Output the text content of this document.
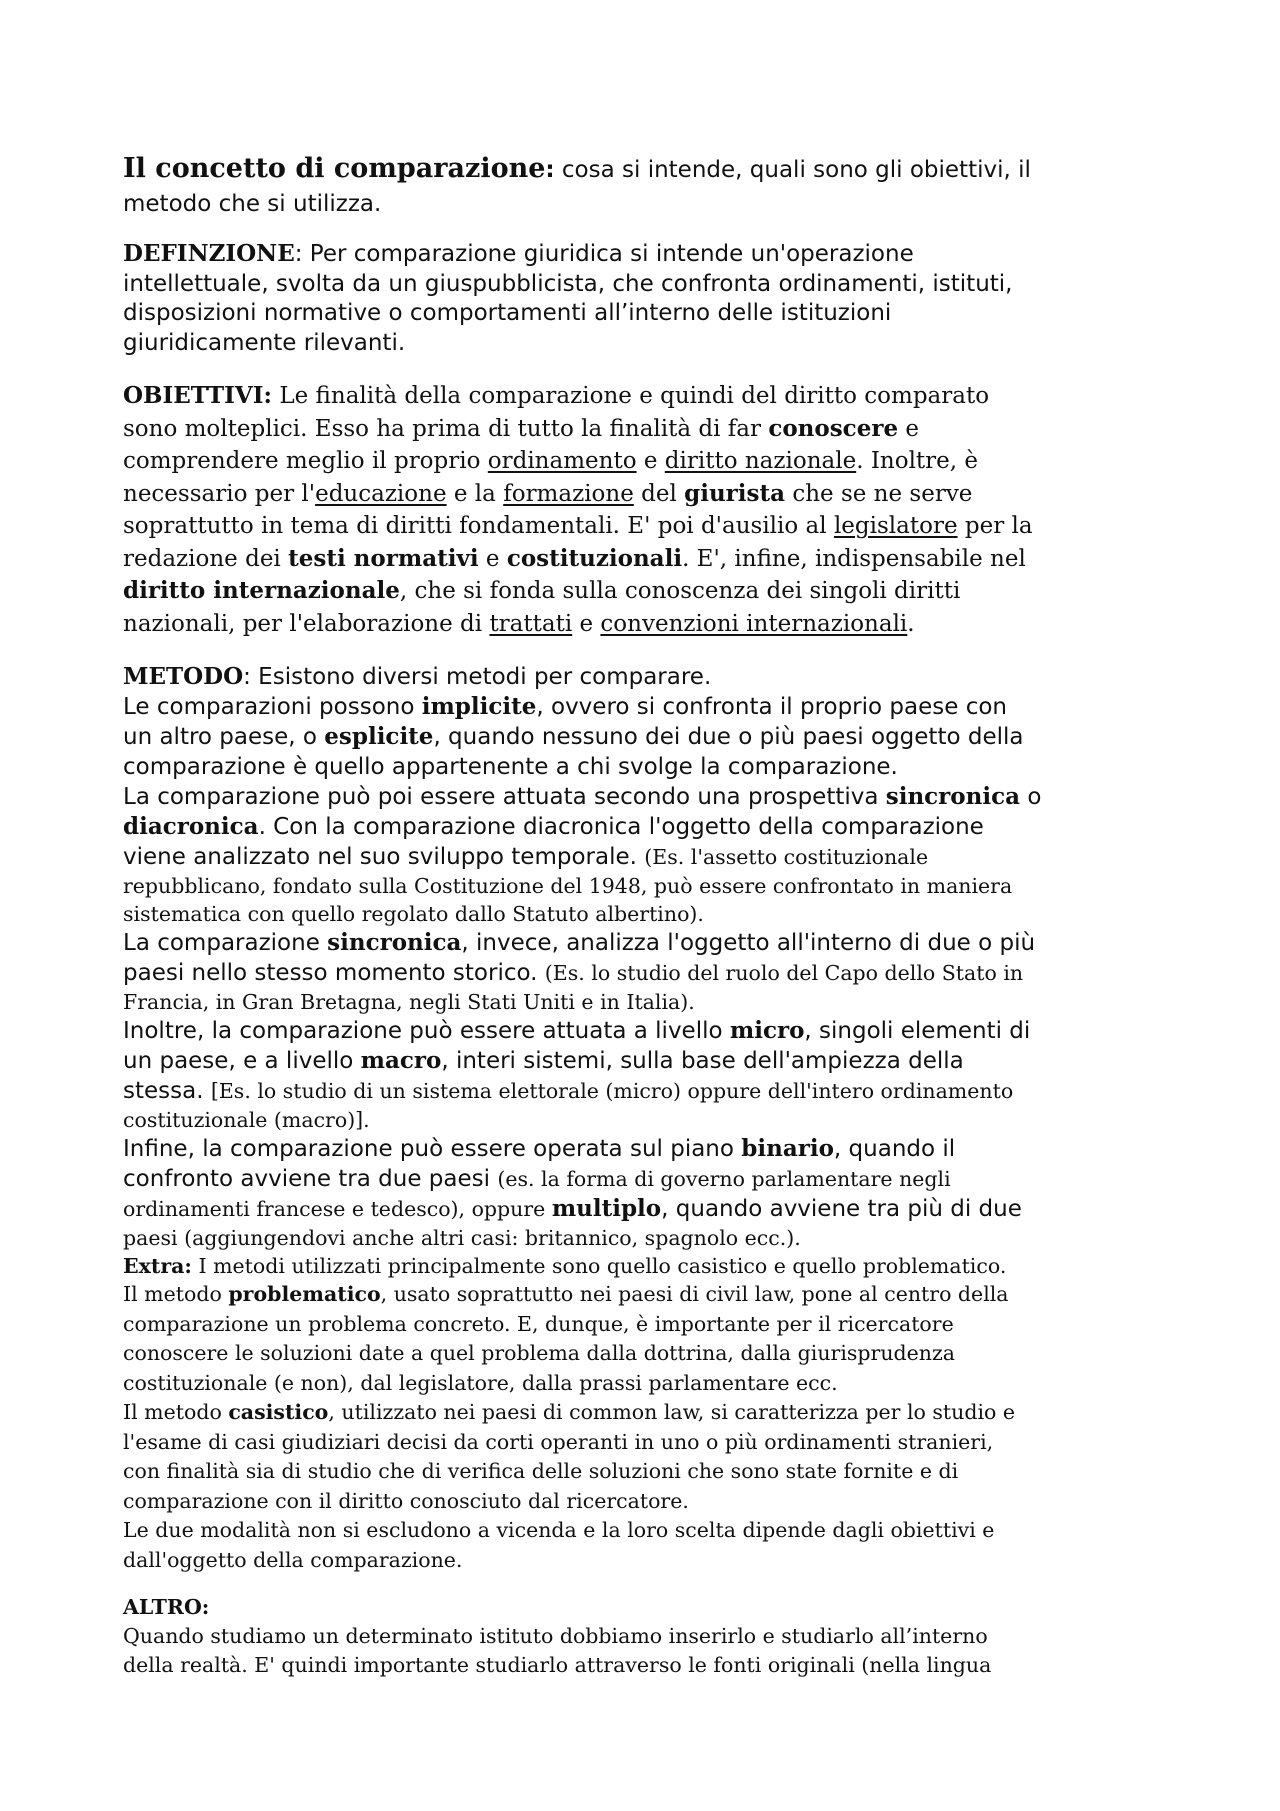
Il concetto di comparazione: cosa si intende, quali sono gli obiettivi, il
metodo che si utilizza.
DEFINZIONE: Per comparazione giuridica si intende un'operazione
intellettuale, svolta da un giuspubblicista, che confronta ordinamenti, istituti,
disposizioni normative o comportamenti all’interno delle istituzioni
giuridicamente rilevanti.
OBIETTIVI: Le finalità della comparazione e quindi del diritto comparato
sono molteplici. Esso ha prima di tutto la finalità di far conoscere e
comprendere meglio il proprio ordinamento e diritto nazionale. Inoltre, è
necessario per l'educazione e la formazione del giurista che se ne serve
soprattutto in tema di diritti fondamentali. E' poi d'ausilio al legislatore per la
redazione dei testi normativi e costituzionali. E', infine, indispensabile nel
diritto internazionale, che si fonda sulla conoscenza dei singoli diritti
nazionali, per l'elaborazione di trattati e convenzioni internazionali.
METODO: Esistono diversi metodi per comparare.
Le comparazioni possono implicite, ovvero si confronta il proprio paese con
un altro paese, o esplicite, quando nessuno dei due o più paesi oggetto della
comparazione è quello appartenente a chi svolge la comparazione.
La comparazione può poi essere attuata secondo una prospettiva sincronica o
diacronica. Con la comparazione diacronica l'oggetto della comparazione
viene analizzato nel suo sviluppo temporale. (Es. l'assetto costituzionale
repubblicano, fondato sulla Costituzione del 1948, può essere confrontato in maniera
sistematica con quello regolato dallo Statuto albertino).
La comparazione sincronica, invece, analizza l'oggetto all'interno di due o più
paesi nello stesso momento storico. (Es. lo studio del ruolo del Capo dello Stato in
Francia, in Gran Bretagna, negli Stati Uniti e in Italia).
Inoltre, la comparazione può essere attuata a livello micro, singoli elementi di
un paese, e a livello macro, interi sistemi, sulla base dell'ampiezza della
stessa. [Es. lo studio di un sistema elettorale (micro) oppure dell'intero ordinamento
costituzionale (macro)].
Infine, la comparazione può essere operata sul piano binario, quando il
confronto avviene tra due paesi (es. la forma di governo parlamentare negli
ordinamenti francese e tedesco), oppure multiplo, quando avviene tra più di due
paesi (aggiungendovi anche altri casi: britannico, spagnolo ecc.).
Extra: I metodi utilizzati principalmente sono quello casistico e quello problematico.
Il metodo problematico, usato soprattutto nei paesi di civil law, pone al centro della
comparazione un problema concreto. E, dunque, è importante per il ricercatore
conoscere le soluzioni date a quel problema dalla dottrina, dalla giurisprudenza
costituzionale (e non), dal legislatore, dalla prassi parlamentare ecc.
Il metodo casistico, utilizzato nei paesi di common law, si caratterizza per lo studio e
l'esame di casi giudiziari decisi da corti operanti in uno o più ordinamenti stranieri,
con finalità sia di studio che di verifica delle soluzioni che sono state fornite e di
comparazione con il diritto conosciuto dal ricercatore.
Le due modalità non si escludono a vicenda e la loro scelta dipende dagli obiettivi e
dall'oggetto della comparazione.
ALTRO:
Quando studiamo un determinato istituto dobbiamo inserirlo e studiarlo all’interno
della realtà. E' quindi importante studiarlo attraverso le fonti originali (nella lingua
